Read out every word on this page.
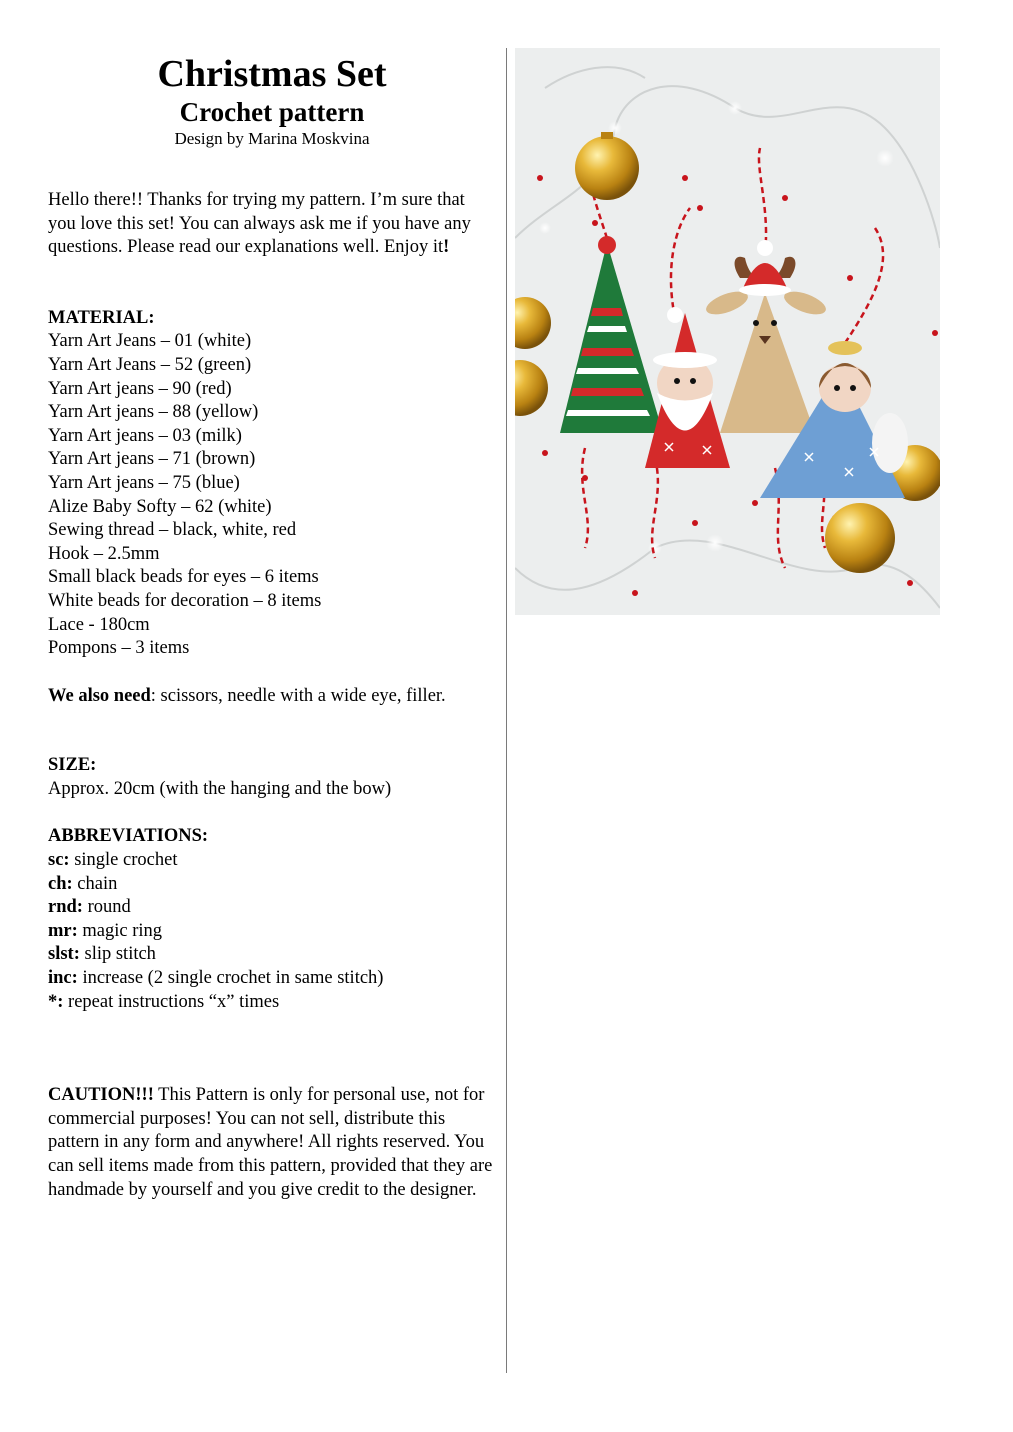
Christmas Set

Crochet pattern

Design by Marina Moskvina

Hello there!! Thanks for trying my pattern. I’m sure that you love this set! You can always ask me if you have any questions. Please read our explanations well. Enjoy it!
MATERIAL:
Yarn Art Jeans – 01 (white)
Yarn Art Jeans – 52 (green)
Yarn Art jeans – 90 (red)
Yarn Art jeans – 88 (yellow)
Yarn Art jeans – 03 (milk)
Yarn Art jeans – 71 (brown)
Yarn Art jeans – 75 (blue)
Alize Baby Softy – 62 (white)
Sewing thread – black, white, red
Hook – 2.5mm
Small black beads for eyes – 6 items
White beads for decoration – 8 items
Lace - 180cm
Pompons – 3 items
We also need: scissors, needle with a wide eye, filler.
SIZE:
Approx. 20cm (with the hanging and the bow)
ABBREVIATIONS:
sc: single crochet
ch: chain
rnd: round
mr: magic ring
slst: slip stitch
inc: increase (2 single crochet in same stitch)
*: repeat instructions “x” times
CAUTION!!! This Pattern is only for personal use, not for commercial purposes! You can not sell, distribute this pattern in any form and anywhere! All rights reserved. You can sell items made from this pattern, provided that they are handmade by yourself and you give credit to the designer.
